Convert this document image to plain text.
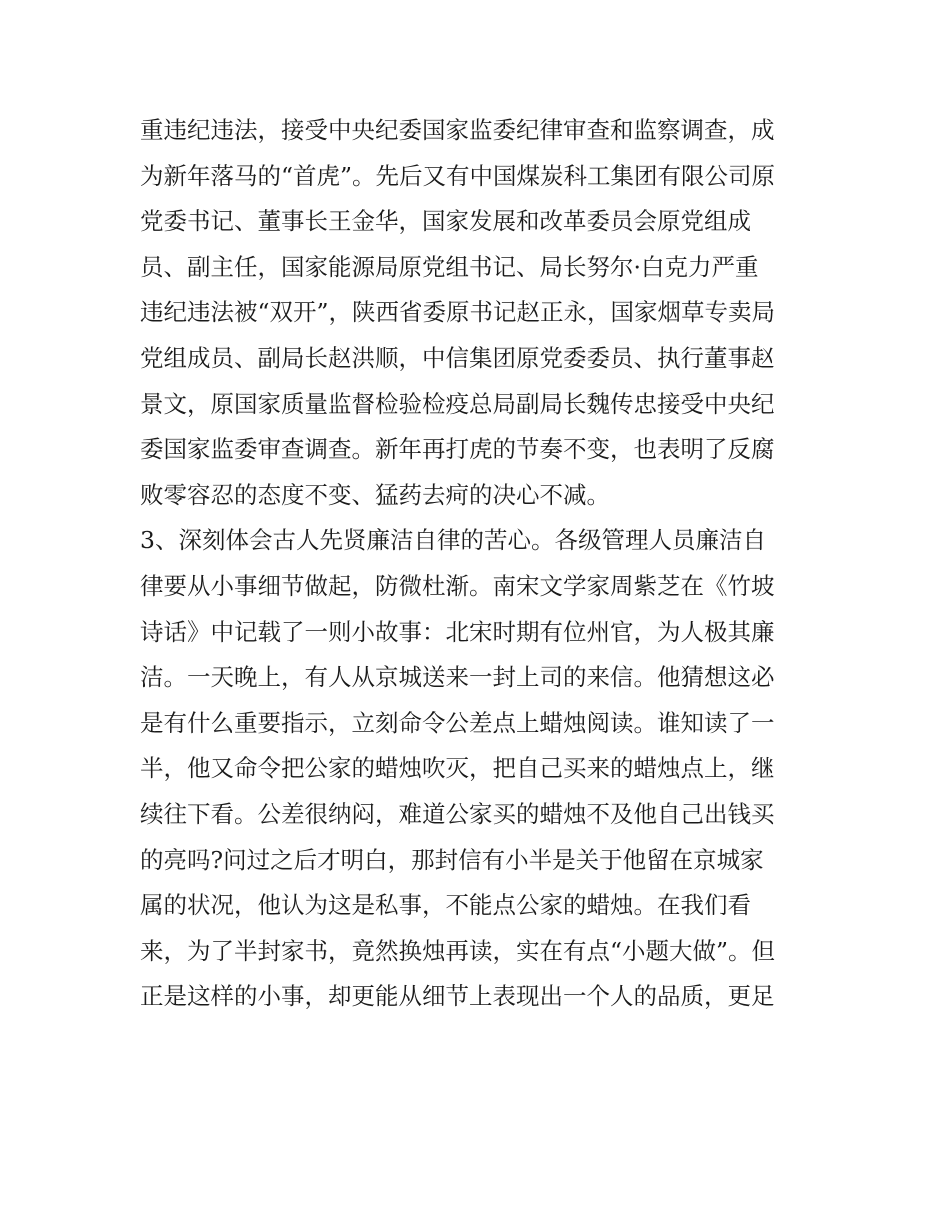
重违纪违法，接受中央纪委国家监委纪律审查和监察调查，成
为新年落马的“首虎”。先后又有中国煤炭科工集团有限公司原
党委书记、董事长王金华，国家发展和改革委员会原党组成
员、副主任，国家能源局原党组书记、局长努尔·白克力严重
违纪违法被“双开”，陕西省委原书记赵正永，国家烟草专卖局
党组成员、副局长赵洪顺，中信集团原党委委员、执行董事赵
景文，原国家质量监督检验检疫总局副局长魏传忠接受中央纪
委国家监委审查调查。新年再打虎的节奏不变，也表明了反腐
败零容忍的态度不变、猛药去疴的决心不减。
3、深刻体会古人先贤廉洁自律的苦心。各级管理人员廉洁自
律要从小事细节做起，防微杜渐。南宋文学家周紫芝在《竹坡
诗话》中记载了一则小故事：北宋时期有位州官，为人极其廉
洁。一天晚上，有人从京城送来一封上司的来信。他猜想这必
是有什么重要指示，立刻命令公差点上蜡烛阅读。谁知读了一
半，他又命令把公家的蜡烛吹灭，把自己买来的蜡烛点上，继
续往下看。公差很纳闷，难道公家买的蜡烛不及他自己出钱买
的亮吗?问过之后才明白，那封信有小半是关于他留在京城家
属的状况，他认为这是私事，不能点公家的蜡烛。在我们看
来，为了半封家书，竟然换烛再读，实在有点“小题大做”。但
正是这样的小事，却更能从细节上表现出一个人的品质，更足
